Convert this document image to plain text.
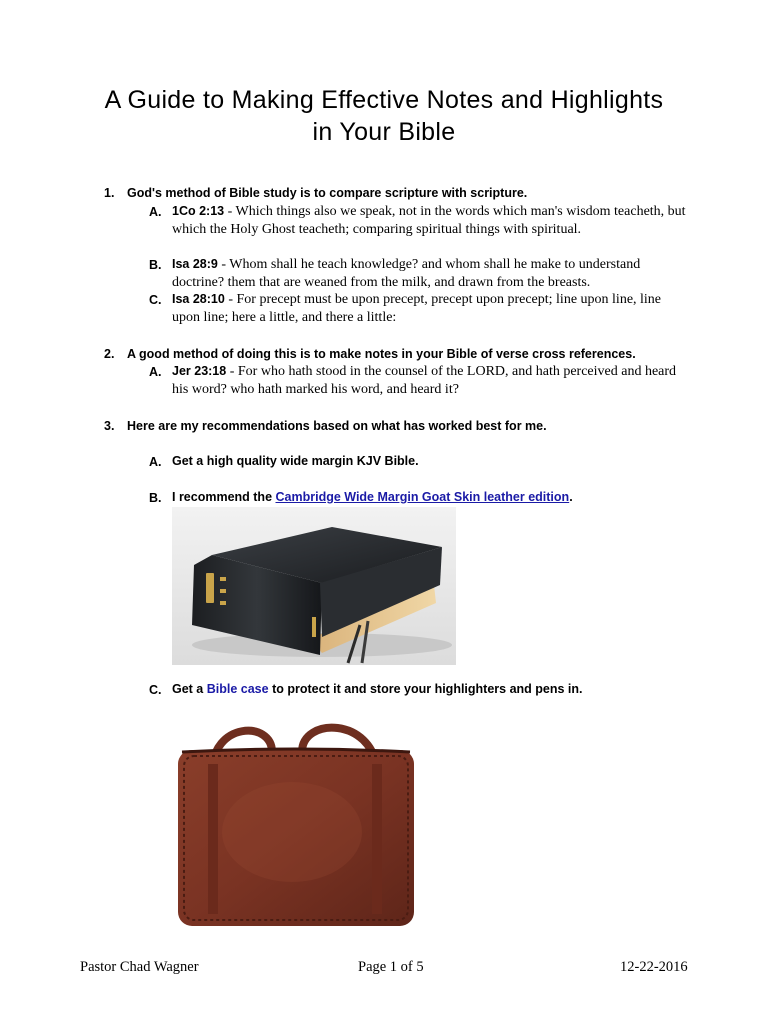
A Guide to Making Effective Notes and Highlights
in Your Bible
1. God's method of Bible study is to compare scripture with scripture.
A. 1Co 2:13 - Which things also we speak, not in the words which man's wisdom teacheth, but which the Holy Ghost teacheth; comparing spiritual things with spiritual.
B. Isa 28:9 - Whom shall he teach knowledge? and whom shall he make to understand doctrine? them that are weaned from the milk, and drawn from the breasts.
C. Isa 28:10 - For precept must be upon precept, precept upon precept; line upon line, line upon line; here a little, and there a little:
2. A good method of doing this is to make notes in your Bible of verse cross references.
A. Jer 23:18 - For who hath stood in the counsel of the LORD, and hath perceived and heard his word? who hath marked his word, and heard it?
3. Here are my recommendations based on what has worked best for me.
A. Get a high quality wide margin KJV Bible.
B. I recommend the Cambridge Wide Margin Goat Skin leather edition.
C. Get a Bible case to protect it and store your highlighters and pens in.
Pastor Chad Wagner	Page 1 of 5	12-22-2016
